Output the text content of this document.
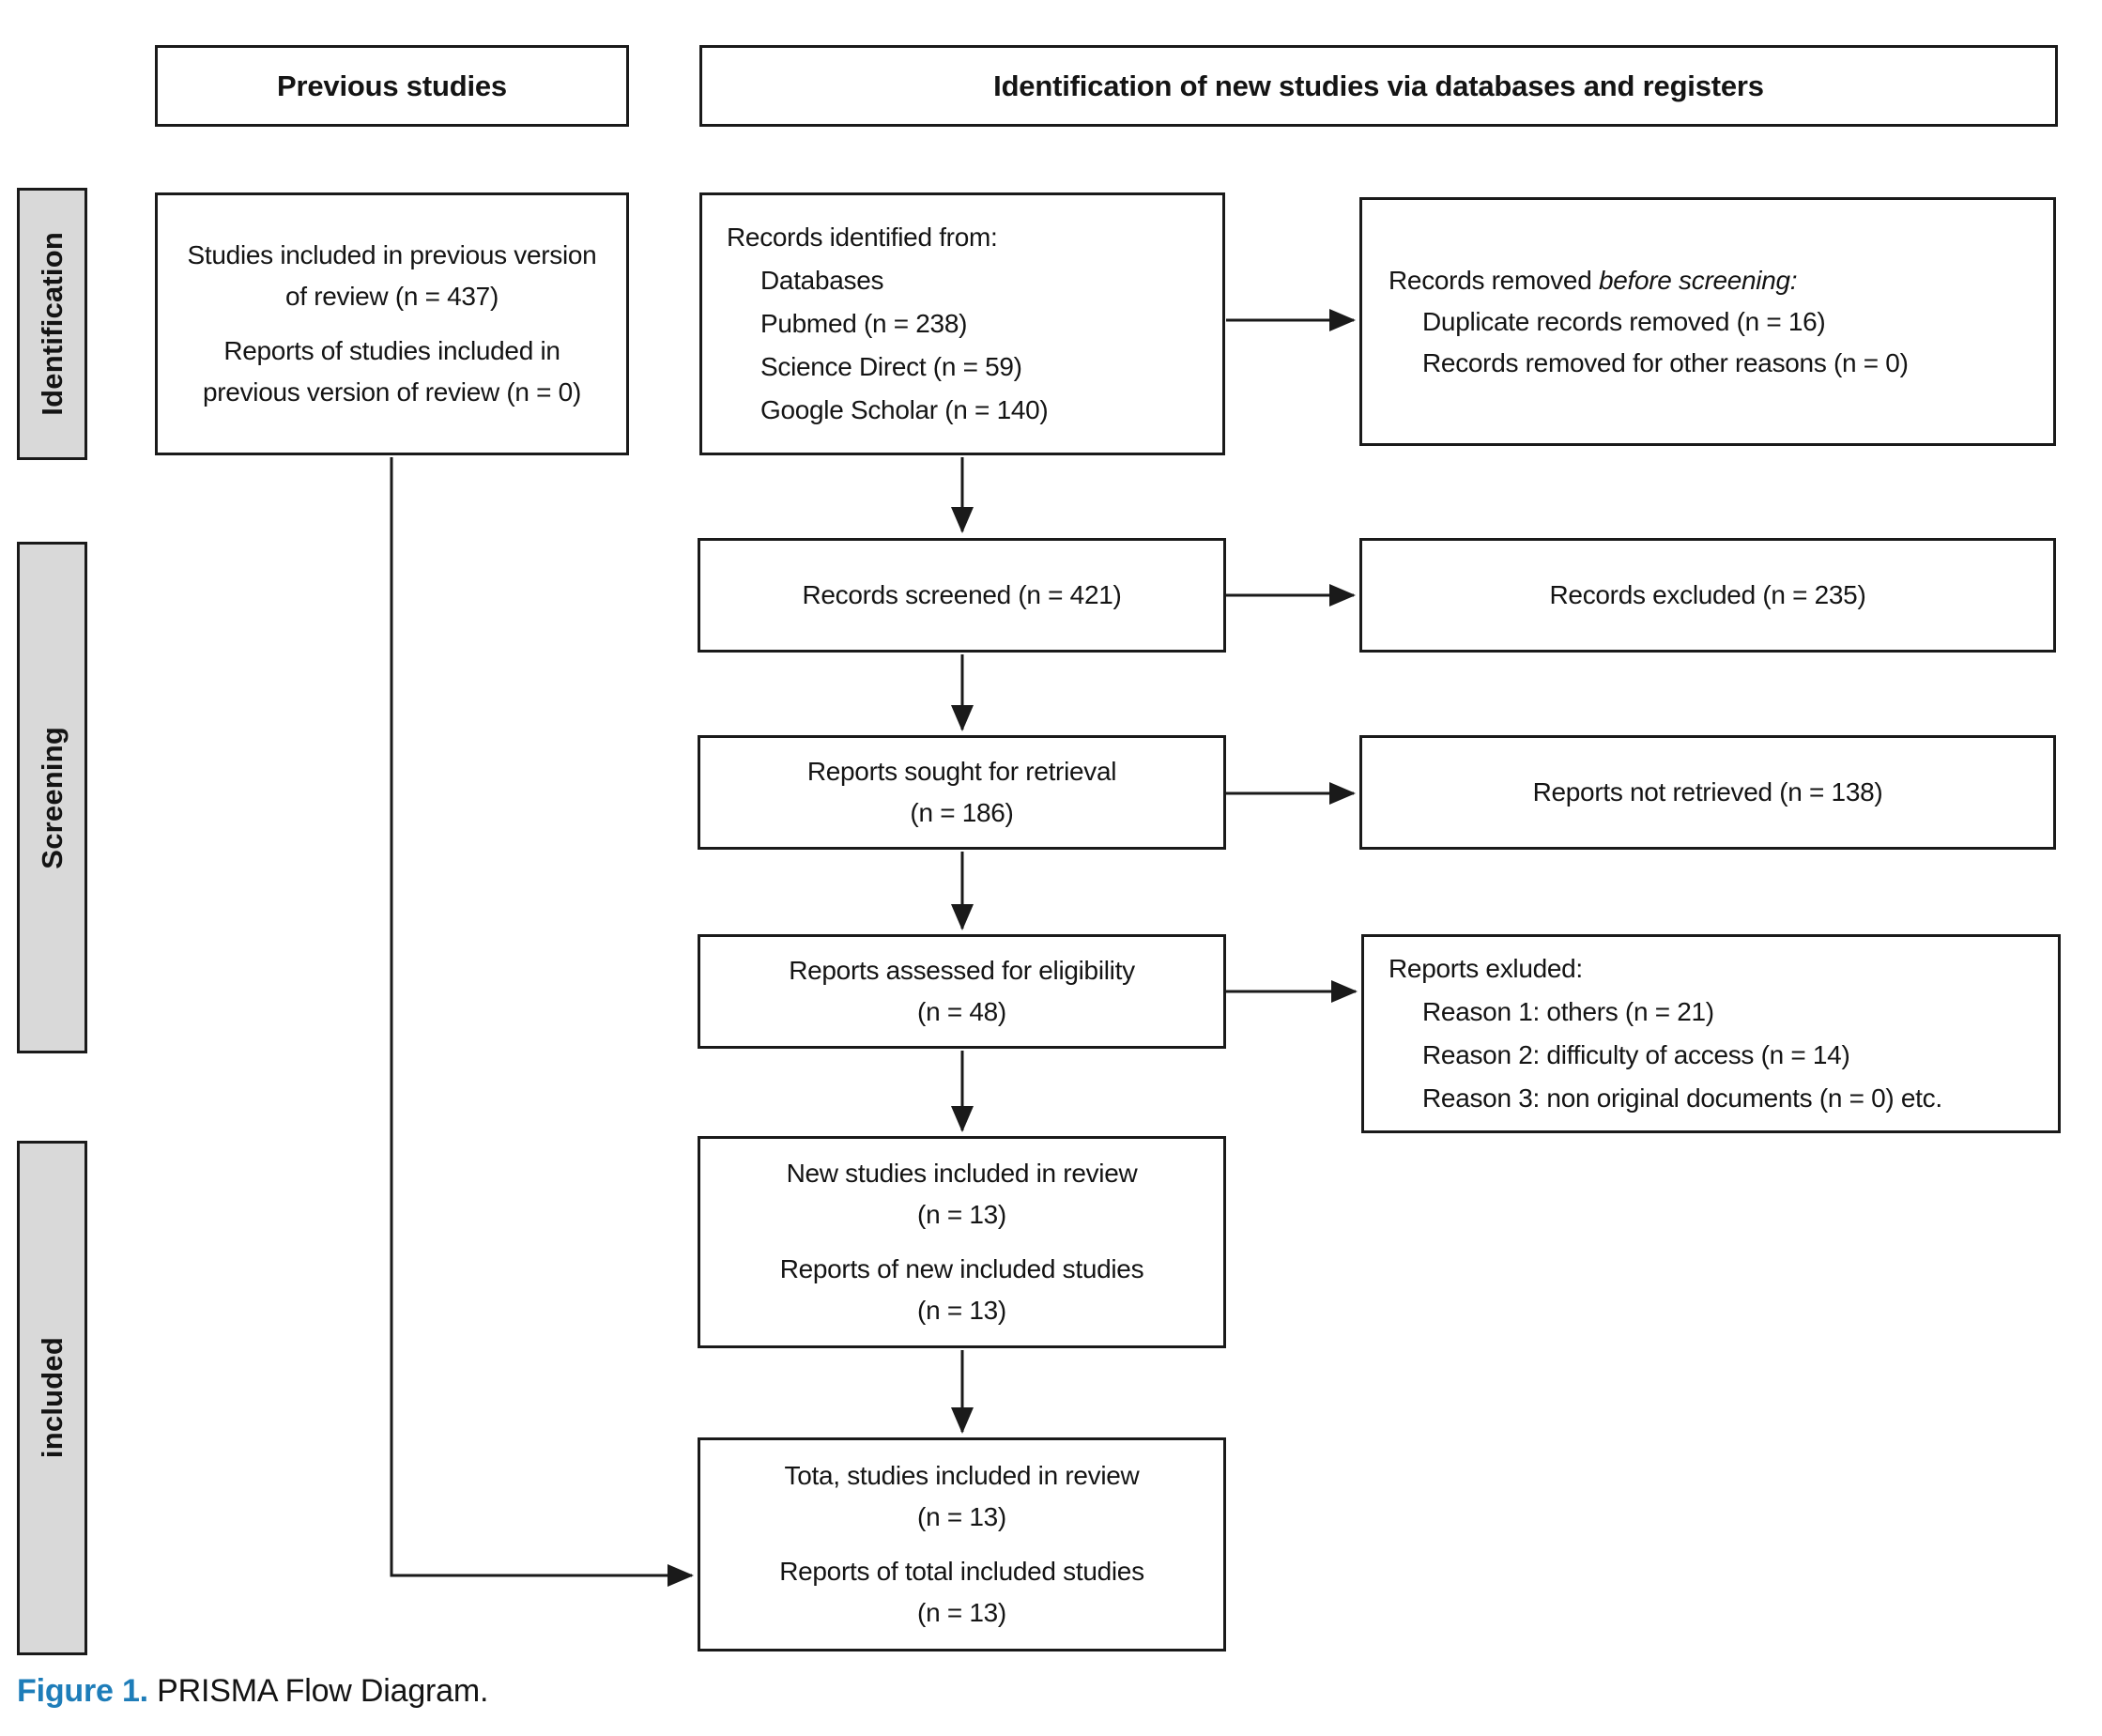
Previous studies	Identification of new studies via databases and registers
Identification
Screening
included
Studies included in previous version of review (n = 437)
Reports of studies included in previous version of review (n = 0)
Records identified from:
Databases
Pubmed (n = 238)
Science Direct (n = 59)
Google Scholar (n = 140)
Records removed before screening:
Duplicate records removed (n = 16)
Records removed for other reasons (n = 0)
Records screened (n = 421)	Records excluded (n = 235)
Reports sought for retrieval
(n = 186)
Reports not retrieved (n = 138)
Reports assessed for eligibility
(n = 48)
Reports exluded:
Reason 1: others (n = 21)
Reason 2: difficulty of access (n = 14)
Reason 3: non original documents (n = 0) etc.
New studies included in review
(n = 13)
Reports of new included studies
(n = 13)
Tota, studies included in review
(n = 13)
Reports of total included studies
(n = 13)
Figure 1. PRISMA Flow Diagram.
